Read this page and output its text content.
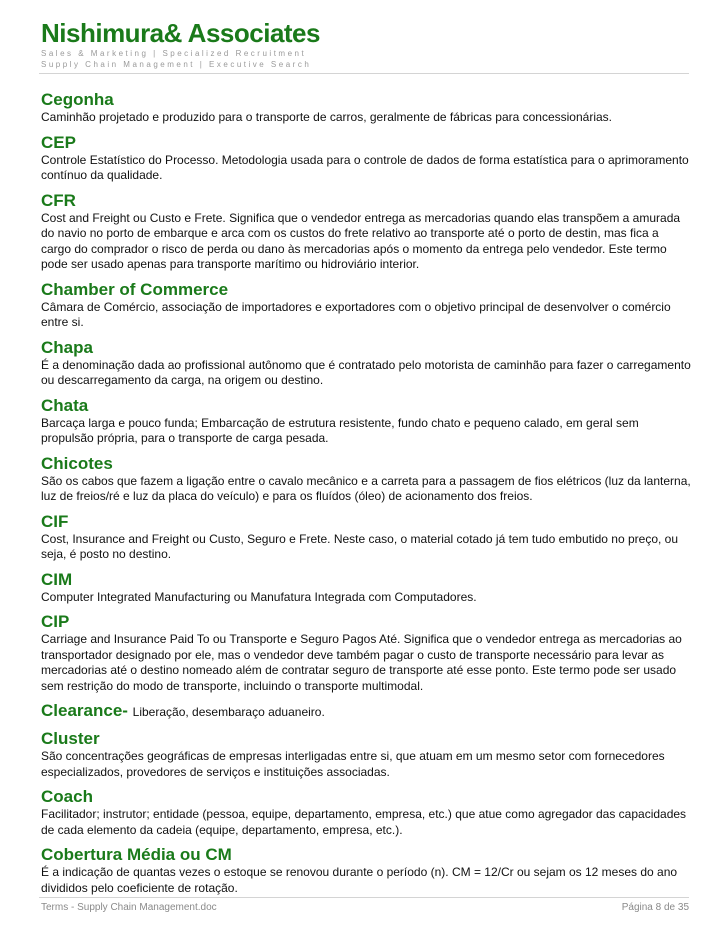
Nishimura& Associates
Sales & Marketing | Specialized Recruitment
Supply Chain Management | Executive Search
Cegonha
Caminhão projetado e produzido para o transporte de carros, geralmente de fábricas para concessionárias.
CEP
Controle Estatístico do Processo. Metodologia usada para o controle de dados de forma estatística para o aprimoramento contínuo da qualidade.
CFR
Cost and Freight ou Custo e Frete. Significa que o vendedor entrega as mercadorias quando elas transpõem a amurada do navio no porto de embarque e arca com os custos do frete relativo ao transporte até o porto de destin, mas fica a cargo do comprador o risco de perda ou dano às mercadorias após o momento da entrega pelo vendedor. Este termo pode ser usado apenas para transporte marítimo ou hidroviário interior.
Chamber of Commerce
Câmara de Comércio, associação de importadores e exportadores com o objetivo principal de desenvolver o comércio entre si.
Chapa
É a denominação dada ao profissional autônomo que é contratado pelo motorista de caminhão para fazer o carregamento ou descarregamento da carga, na origem ou destino.
Chata
Barcaça larga e pouco funda; Embarcação de estrutura resistente, fundo chato e pequeno calado, em geral sem propulsão própria, para o transporte de carga pesada.
Chicotes
São os cabos que fazem a ligação entre o cavalo mecânico e a carreta para a passagem de fios elétricos (luz da lanterna, luz de freios/ré e luz da placa do veículo) e para os fluídos (óleo) de acionamento dos freios.
CIF
Cost, Insurance and Freight ou Custo, Seguro e Frete. Neste caso, o material cotado já tem tudo embutido no preço, ou seja, é posto no destino.
CIM
Computer Integrated Manufacturing ou Manufatura Integrada com Computadores.
CIP
Carriage and Insurance Paid To ou Transporte e Seguro Pagos Até. Significa que o vendedor entrega as mercadorias ao transportador designado por ele, mas o vendedor deve também pagar o custo de transporte necessário para levar as mercadorias até o destino nomeado além de contratar seguro de transporte até esse ponto. Este termo pode ser usado sem restrição do modo de transporte, incluindo o transporte multimodal.
Clearance- Liberação, desembaraço aduaneiro.
Cluster
São concentrações geográficas de empresas interligadas entre si, que atuam em um mesmo setor com fornecedores especializados, provedores de serviços e instituições associadas.
Coach
Facilitador; instrutor; entidade (pessoa, equipe, departamento, empresa, etc.) que atue como agregador das capacidades de cada elemento da cadeia (equipe, departamento, empresa, etc.).
Cobertura Média ou CM
É a indicação de quantas vezes o estoque se renovou durante o período (n). CM = 12/Cr ou sejam os 12 meses do ano divididos pelo coeficiente de rotação.
Terms - Supply Chain Management.doc	Página 8 de 35
